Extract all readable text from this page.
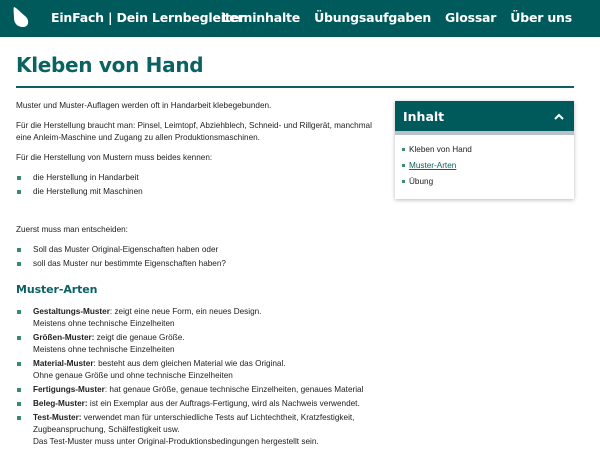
EinFach | Dein Lernbegleiter
Lerninhalte Übungsaufgaben Glossar Über uns
Kleben von Hand

Muster und Muster-Auflagen werden oft in Handarbeit klebegebunden.

Für die Herstellung braucht man: Pinsel, Leimtopf, Abziehblech, Schneid- und Rillgerät, manchmal eine Anleim-Maschine und Zugang zu allen Produktionsmaschinen.

Für die Herstellung von Mustern muss beides kennen:

die Herstellung in Handarbeit
die Herstellung mit Maschinen

Zuerst muss man entscheiden:

Soll das Muster Original-Eigenschaften haben oder
soll das Muster nur bestimmte Eigenschaften haben?
Muster-Arten
Gestaltungs-Muster: zeigt eine neue Form, ein neues Design.
Meistens ohne technische Einzelheiten
Größen-Muster: zeigt die genaue Größe.
Meistens ohne technische Einzelheiten
Material-Muster: besteht aus dem gleichen Material wie das Original.
Ohne genaue Größe und ohne technische Einzelheiten
Fertigungs-Muster: hat genaue Größe, genaue technische Einzelheiten, genaues Material
Beleg-Muster: ist ein Exemplar aus der Auftrags-Fertigung, wird als Nachweis verwendet.
Test-Muster: verwendet man für unterschiedliche Tests auf Lichtechtheit, Kratzfestigkeit, Zugbeanspruchung, Schälfestigkeit usw.
Das Test-Muster muss unter Original-Produktionsbedingungen hergestellt sein.
Inhalt
Kleben von Hand
Muster-Arten
Übung
